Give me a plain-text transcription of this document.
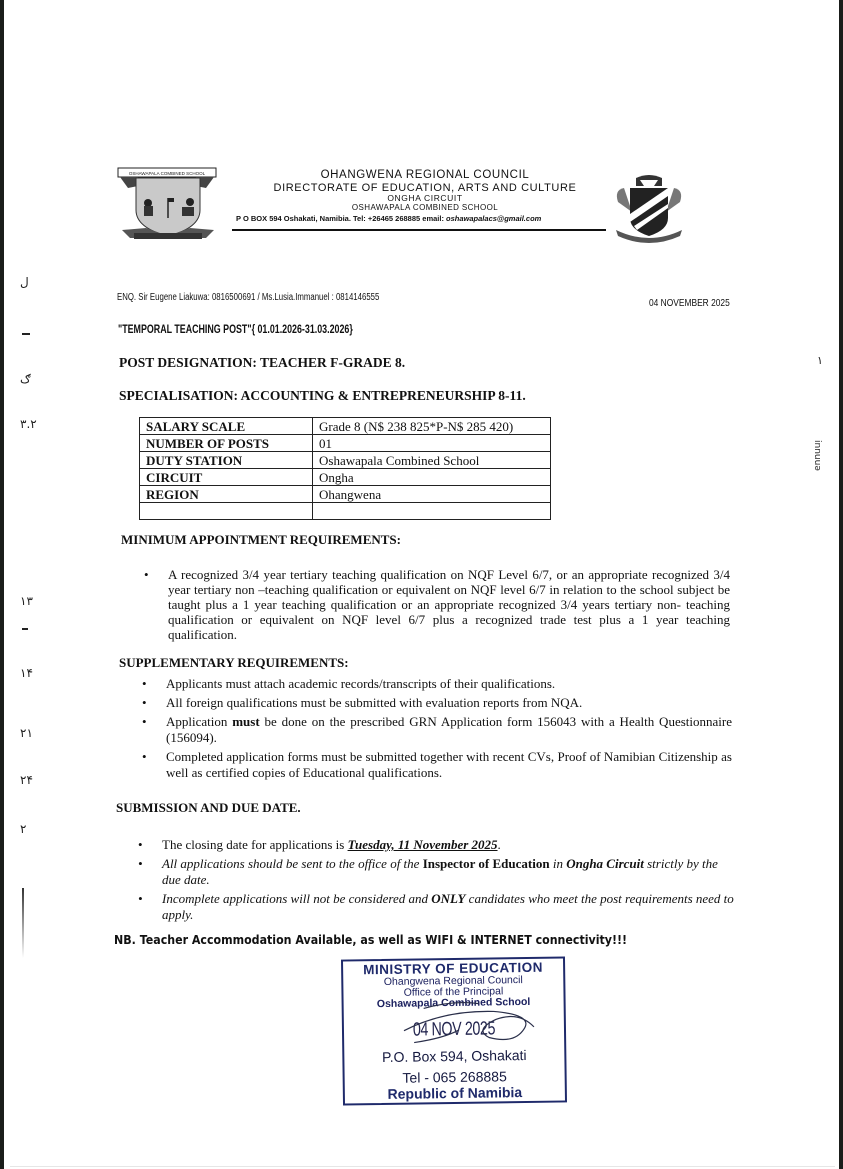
ل
ګ
۳.۲
۱۳
۱۴
۲۱
۲۴
۲
١
innuuə
OSHAWAPALA COMBINED SCHOOL	OHANGWENA REGIONAL COUNCIL
DIRECTORATE OF EDUCATION, ARTS AND CULTURE
ONGHA CIRCUIT
OSHAWAPALA COMBINED SCHOOL
P O BOX 594 Oshakati, Namibia. Tel: +26465 268885 email: oshawapalacs@gmail.com
ENQ. Sir Eugene Liakuwa: 0816500691 / Ms.Lusia.Immanuel : 0814146555	04 NOVEMBER 2025
"TEMPORAL TEACHING POST"{ 01.01.2026-31.03.2026}
POST DESIGNATION: TEACHER F-GRADE 8.
SPECIALISATION: ACCOUNTING & ENTREPRENEURSHIP 8-11.
SALARY SCALE	Grade 8 (N$ 238 825*P-N$ 285 420)
NUMBER OF POSTS	01
DUTY STATION	Oshawapala Combined School
CIRCUIT	Ongha
REGION	Ohangwena

MINIMUM APPOINTMENT REQUIREMENTS:
• A recognized 3/4 year tertiary teaching qualification on NQF Level 6/7, or an appropriate recognized 3/4 year tertiary non –teaching qualification or equivalent on NQF level 6/7 in relation to the school subject be taught plus a 1 year teaching qualification or an appropriate recognized 3/4 years tertiary non- teaching qualification or equivalent on NQF level 6/7 plus a recognized trade test plus a 1 year teaching qualification.
SUPPLEMENTARY REQUIREMENTS:
• Applicants must attach academic records/transcripts of their qualifications.
• All foreign qualifications must be submitted with evaluation reports from NQA.
• Application must be done on the prescribed GRN Application form 156043 with a Health Questionnaire (156094).
• Completed application forms must be submitted together with recent CVs, Proof of Namibian Citizenship as well as certified copies of Educational qualifications.
SUBMISSION AND DUE DATE.
• The closing date for applications is Tuesday, 11 November 2025.
• All applications should be sent to the office of the Inspector of Education in Ongha Circuit strictly by the due date.
• Incomplete applications will not be considered and ONLY candidates who meet the post requirements need to apply.
NB. Teacher Accommodation Available, as well as WIFI & INTERNET connectivity!!!
MINISTRY OF EDUCATION
Ohangwena Regional Council
Office of the Principal
Oshawapala Combined School
04 NOV 2025
P.O. Box 594, Oshakati
Tel - 065 268885
Republic of Namibia
